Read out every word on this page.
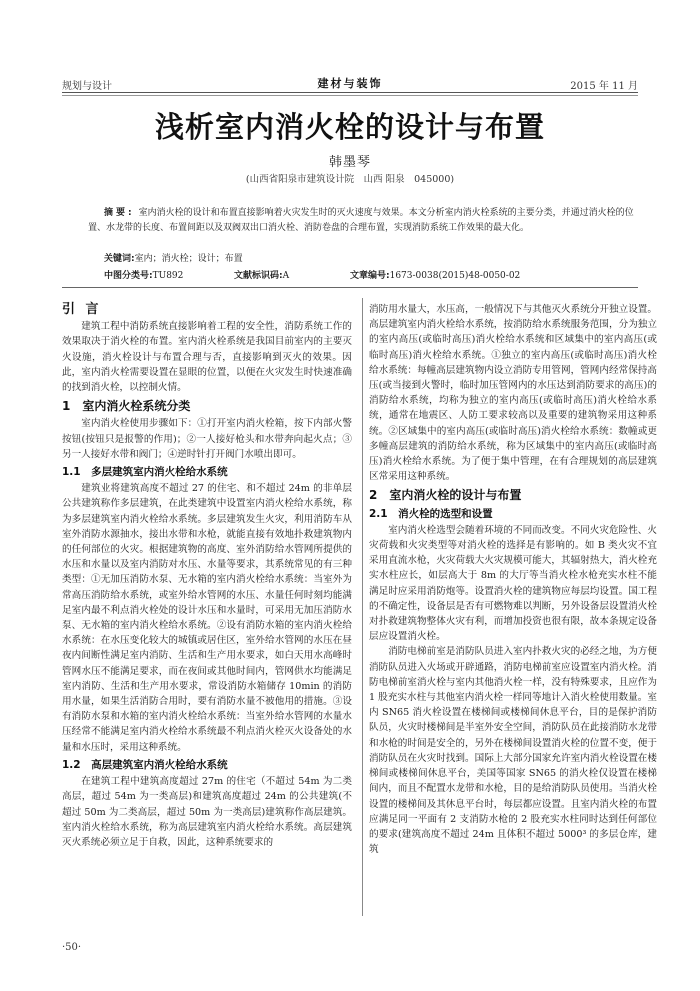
规划与设计	建材与装饰	2015 年 11 月
浅析室内消火栓的设计与布置
韩墨琴
(山西省阳泉市建筑设计院　山西 阳泉　045000)
摘要: 室内消火栓的设计和布置直接影响着火灾发生时的灭火速度与效果。本文分析室内消火栓系统的主要分类，并通过消火栓的位置、水龙带的长度、布置间距以及双阀双出口消火栓、消防卷盘的合理布置，实现消防系统工作效果的最大化。
关键词:室内；消火栓；设计；布置
中图分类号:TU892	文献标识码:A	文章编号:1673-0038(2015)48-0050-02
引 言

建筑工程中消防系统直接影响着工程的安全性，消防系统工作的效果取决于消火栓的布置。室内消火栓系统是我国目前室内的主要灭火设施，消火栓设计与布置合理与否，直接影响到灭火的效果。因此，室内消火栓需要设置在显眼的位置，以便在火灾发生时快速准确的找到消火栓，以控制火情。

1　室内消火栓系统分类

室内消火栓使用步骤如下：①打开室内消火栓箱，按下内部火警按钮(按钮只是报警的作用)；②一人接好枪头和水带奔向起火点；③另一人接好水带和阀门；④逆时针打开阀门水喷出即可。

1.1　多层建筑室内消火栓给水系统

建筑业将建筑高度不超过 27 的住宅、和不超过 24m 的非单层公共建筑称作多层建筑，在此类建筑中设置室内消火栓给水系统，称为多层建筑室内消火栓给水系统。多层建筑发生火灾，利用消防车从室外消防水源抽水，接出水带和水枪，就能直接有效地扑救建筑物内的任何部位的火灾。根据建筑物的高度、室外消防给水管网所提供的水压和水量以及室内消防对水压、水量等要求，其系统常见的有三种类型：①无加压消防水泵、无水箱的室内消火栓给水系统：当室外为常高压消防给水系统，或室外给水管网的水压、水量任何时刻均能满足室内最不利点消火栓处的设计水压和水量时，可采用无加压消防水泵、无水箱的室内消火栓给水系统。②设有消防水箱的室内消火栓给水系统：在水压变化较大的城镇或居住区，室外给水管网的水压在昼夜内间断性满足室内消防、生活和生产用水要求，如白天用水高峰时管网水压不能满足要求，而在夜间或其他时间内，管网供水均能满足室内消防、生活和生产用水要求，常设消防水箱储存 10min 的消防用水量，如果生活消防合用时，要有消防水量不被他用的措施。③设有消防水泵和水箱的室内消火栓给水系统：当室外给水管网的水量水压经常不能满足室内消火栓给水系统最不利点消火栓灭火设备处的水量和水压时，采用这种系统。

1.2　高层建筑室内消火栓给水系统

在建筑工程中建筑高度超过 27m 的住宅（不超过 54m 为二类高层，超过 54m 为一类高层)和建筑高度超过 24m 的公共建筑(不超过 50m 为二类高层，超过 50m 为一类高层)建筑称作高层建筑。室内消火栓给水系统，称为高层建筑室内消火栓给水系统。高层建筑灭火系统必须立足于自救，因此，这种系统要求的

消防用水量大，水压高，一般情况下与其他灭火系统分开独立设置。高层建筑室内消火栓给水系统，按消防给水系统服务范围，分为独立的室内高压(或临时高压)消火栓给水系统和区域集中的室内高压(或临时高压)消火栓给水系统。①独立的室内高压(或临时高压)消火栓给水系统：每幢高层建筑物内设立消防专用管网，管网内经常保持高压(或当接到火警时，临时加压管网内的水压达到消防要求的高压)的消防给水系统，均称为独立的室内高压(或临时高压)消火栓给水系统，通常在地震区、人防工要求较高以及重要的建筑物采用这种系统。②区域集中的室内高压(或临时高压)消火栓给水系统：数幢或更多幢高层建筑的消防给水系统，称为区域集中的室内高压(或临时高压)消火栓给水系统。为了便于集中管理，在有合理规划的高层建筑区常采用这种系统。

2　室内消火栓的设计与布置
2.1　消火栓的选型和设置

室内消火栓选型会随着环境的不同而改变。不同火灾危险性、火灾荷载和火灾类型等对消火栓的选择是有影响的。如 B 类火灾不宜采用直流水枪，火灾荷载大火灾规模可能大，其辐射热大，消火栓充实水柱应长，如层高大于 8m 的大厅等当消火栓水枪充实水柱不能满足时应采用消防炮等。设置消火栓的建筑物应每层均设置。国工程的不确定性，设备层是否有可燃物难以判断，另外设备层设置消火栓对扑救建筑物整体火灾有利，而增加投资也很有限，故本条规定设备层应设置消火栓。

消防电梯前室是消防队员进入室内扑救火灾的必经之地，为方便消防队员进入火场或开辟通路，消防电梯前室应设置室内消火栓。消防电梯前室消火栓与室内其他消火栓一样，没有特殊要求，且应作为 1 股充实水柱与其他室内消火栓一样同等地计入消火栓使用数量。室内 SN65 消火栓设置在楼梯间或楼梯间休息平台，目的是保护消防队员，火灾时楼梯间是半室外安全空间，消防队员在此接消防水龙带和水枪的时间是安全的，另外在楼梯间设置消火栓的位置不变，便于消防队员在火灾时找到。国际上大部分国家允许室内消火栓设置在楼梯间或楼梯间休息平台，美国等国家 SN65 的消火栓仅设置在楼梯间内，而且不配置水龙带和水枪，目的是给消防队员使用。当消火栓设置的楼梯间及其休息平台时，每层都应设置。且室内消火栓的布置应满足同一平面有 2 支消防水枪的 2 股充实水柱同时达到任何部位的要求(建筑高度不超过 24m 且体积不超过 5000³ 的多层仓库，建筑

·50·
